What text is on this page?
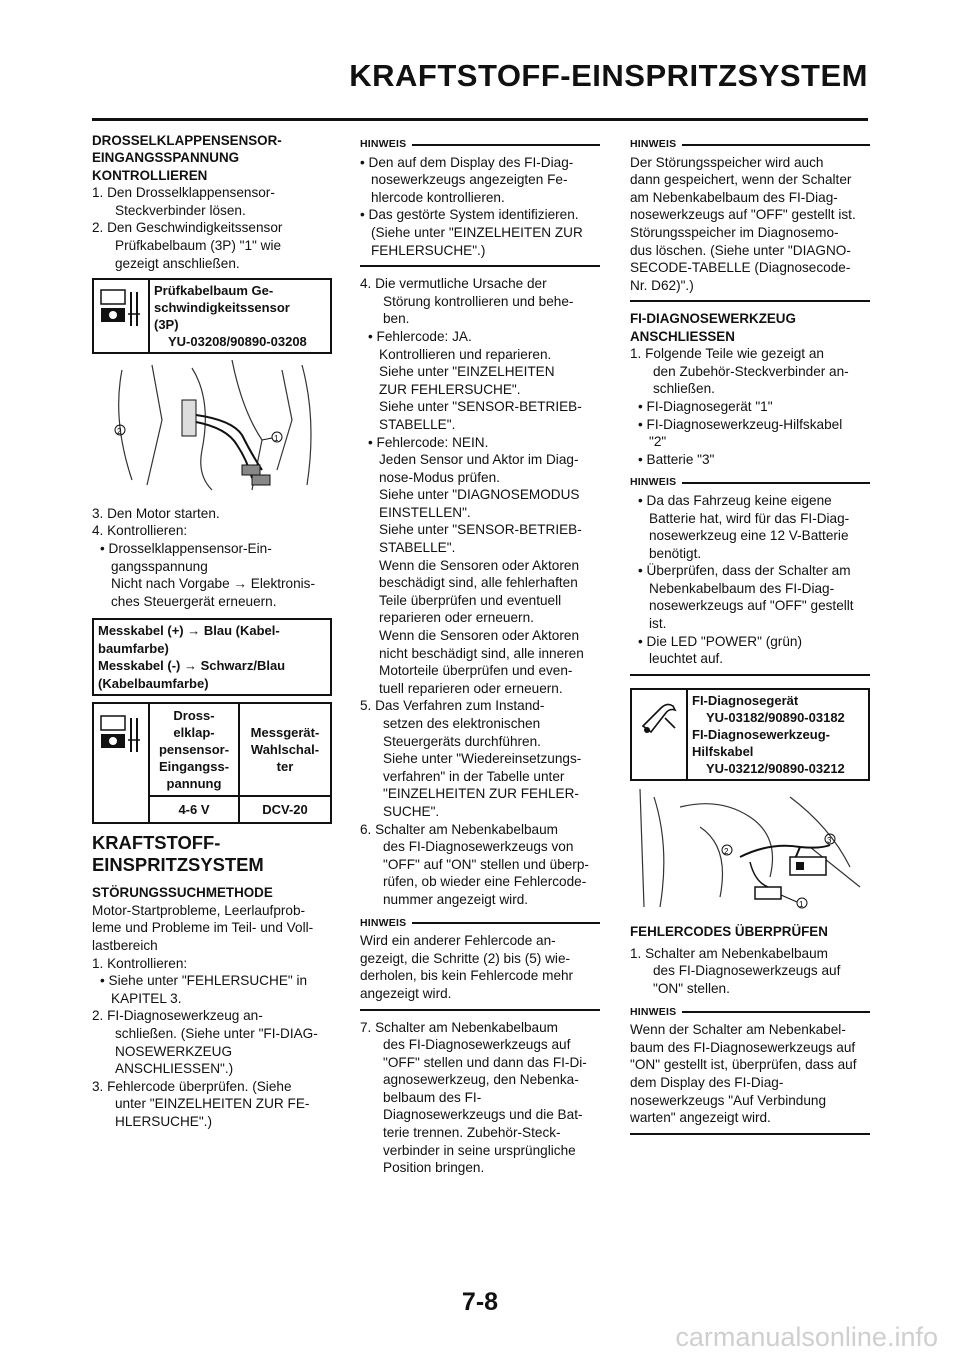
KRAFTSTOFF-EINSPRITZSYSTEM
DROSSELKLAPPENSENSOR-
EINGANGSSPANNUNG
KONTROLLIEREN
1. Den Drosselklappensensor-
Steckverbinder lösen.
2. Den Geschwindigkeitssensor
Prüfkabelbaum (3P) "1" wie
gezeigt anschließen.
Prüfkabelbaum Ge-
schwindigkeitssensor
(3P)
YU-03208/90890-03208
1
2
3. Den Motor starten.
4. Kontrollieren:
• Drosselklappensensor-Ein-
gangsspannung
Nicht nach Vorgabe → Elektronis-
ches Steuergerät erneuern.
Messkabel (+) → Blau (Kabel-
baumfarbe)
Messkabel (-) → Schwarz/Blau
(Kabelbaumfarbe)
Dross-
elklap-
pensensor-
Eingangss-
pannung
Messgerät-
Wahlschal-
ter
4-6 V	DCV-20
KRAFTSTOFF-
EINSPRITZSYSTEM
STÖRUNGSSUCHMETHODE
Motor-Startprobleme, Leerlaufprob-
leme und Probleme im Teil- und Voll-
lastbereich
1. Kontrollieren:
• Siehe unter "FEHLERSUCHE" in
KAPITEL 3.
2. FI-Diagnosewerkzeug an-
schließen. (Siehe unter "FI-DIAG-
NOSEWERKZEUG
ANSCHLIESSEN".)
3. Fehlercode überprüfen. (Siehe
unter "EINZELHEITEN ZUR FE-
HLERSUCHE".)
HINWEIS
• Den auf dem Display des FI-Diag-
nosewerkzeugs angezeigten Fe-
hlercode kontrollieren.
• Das gestörte System identifizieren.
(Siehe unter "EINZELHEITEN ZUR
FEHLERSUCHE".)
4. Die vermutliche Ursache der
Störung kontrollieren und behe-
ben.
• Fehlercode: JA.
Kontrollieren und reparieren.
Siehe unter "EINZELHEITEN
ZUR FEHLERSUCHE".
Siehe unter "SENSOR-BETRIEB-
STABELLE".
• Fehlercode: NEIN.
Jeden Sensor und Aktor im Diag-
nose-Modus prüfen.
Siehe unter "DIAGNOSEMODUS
EINSTELLEN".
Siehe unter "SENSOR-BETRIEB-
STABELLE".
Wenn die Sensoren oder Aktoren
beschädigt sind, alle fehlerhaften
Teile überprüfen und eventuell
reparieren oder erneuern.
Wenn die Sensoren oder Aktoren
nicht beschädigt sind, alle inneren
Motorteile überprüfen und even-
tuell reparieren oder erneuern.
5. Das Verfahren zum Instand-
setzen des elektronischen
Steuergeräts durchführen.
Siehe unter "Wiedereinsetzungs-
verfahren" in der Tabelle unter
"EINZELHEITEN ZUR FEHLER-
SUCHE".
6. Schalter am Nebenkabelbaum
des FI-Diagnosewerkzeugs von
"OFF" auf "ON" stellen und überp-
rüfen, ob wieder eine Fehlercode-
nummer angezeigt wird.
HINWEIS
Wird ein anderer Fehlercode an-
gezeigt, die Schritte (2) bis (5) wie-
derholen, bis kein Fehlercode mehr
angezeigt wird.
7. Schalter am Nebenkabelbaum
des FI-Diagnosewerkzeugs auf
"OFF" stellen und dann das FI-Di-
agnosewerkzeug, den Nebenka-
belbaum des FI-
Diagnosewerkzeugs und die Bat-
terie trennen. Zubehör-Steck-
verbinder in seine ursprüngliche
Position bringen.
HINWEIS
Der Störungsspeicher wird auch
dann gespeichert, wenn der Schalter
am Nebenkabelbaum des FI-Diag-
nosewerkzeugs auf "OFF" gestellt ist.
Störungsspeicher im Diagnosemo-
dus löschen. (Siehe unter "DIAGNO-
SECODE-TABELLE (Diagnosecode-
Nr. D62)".)
FI-DIAGNOSEWERKZEUG
ANSCHLIESSEN
1. Folgende Teile wie gezeigt an
den Zubehör-Steckverbinder an-
schließen.
• FI-Diagnosegerät "1"
• FI-Diagnosewerkzeug-Hilfskabel
"2"
• Batterie "3"
HINWEIS
• Da das Fahrzeug keine eigene
Batterie hat, wird für das FI-Diag-
nosewerkzeug eine 12 V-Batterie
benötigt.
• Überprüfen, dass der Schalter am
Nebenkabelbaum des FI-Diag-
nosewerkzeugs auf "OFF" gestellt
ist.
• Die LED "POWER" (grün)
leuchtet auf.
FI-Diagnosegerät
YU-03182/90890-03182
FI-Diagnosewerkzeug-
Hilfskabel
YU-03212/90890-03212
2
3
1
FEHLERCODES ÜBERPRÜFEN
1. Schalter am Nebenkabelbaum
des FI-Diagnosewerkzeugs auf
"ON" stellen.
HINWEIS
Wenn der Schalter am Nebenkabel-
baum des FI-Diagnosewerkzeugs auf
"ON" gestellt ist, überprüfen, dass auf
dem Display des FI-Diag-
nosewerkzeugs "Auf Verbindung
warten" angezeigt wird.
7-8
carmanualsonline.info
